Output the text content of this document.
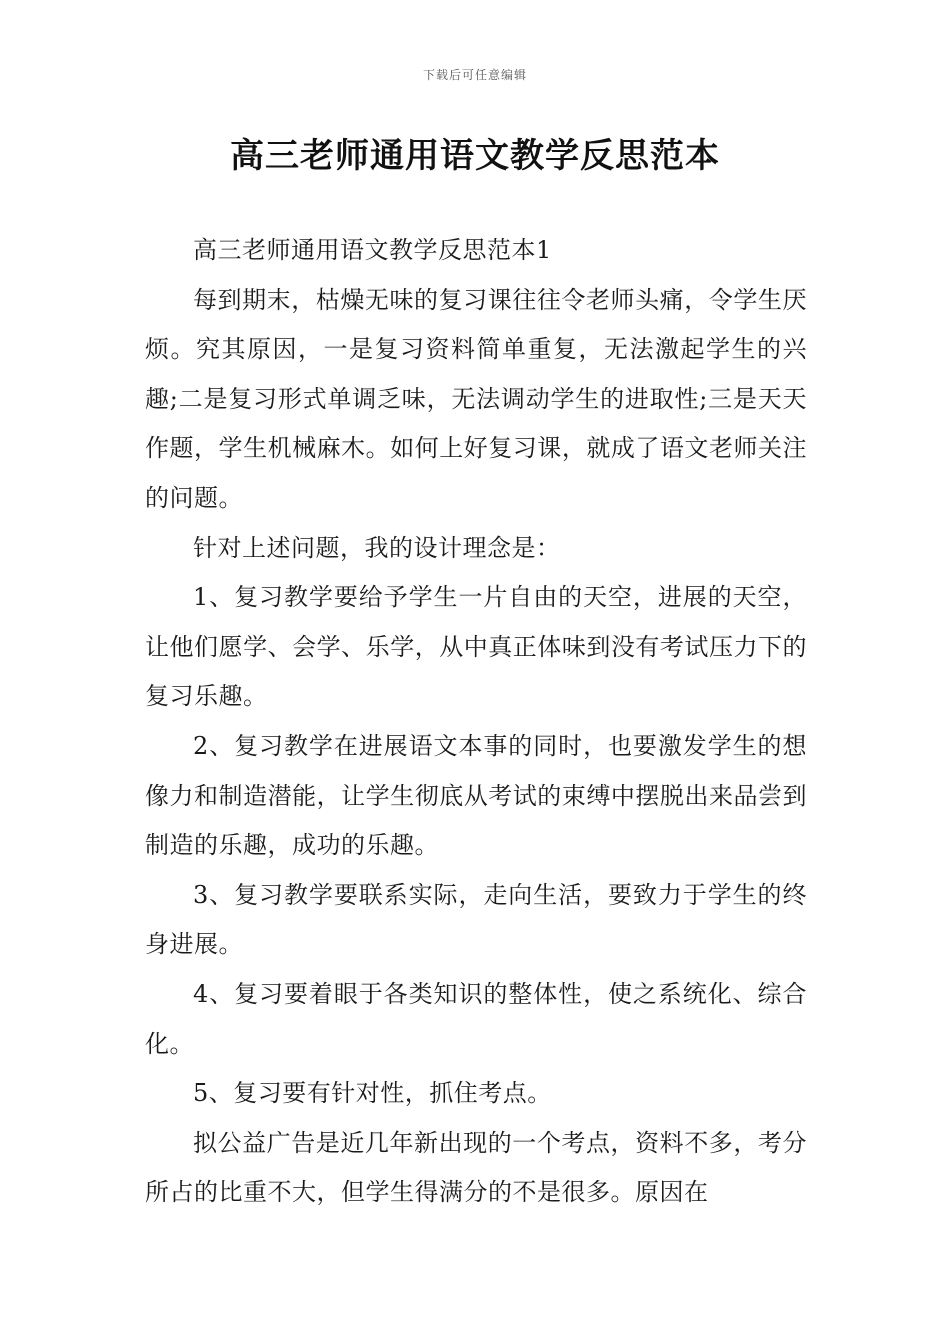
下载后可任意编辑
高三老师通用语文教学反思范本

高三老师通用语文教学反思范本1

每到期末，枯燥无味的复习课往往令老师头痛，令学生厌烦。究其原因，一是复习资料简单重复，无法激起学生的兴趣;二是复习形式单调乏味，无法调动学生的进取性;三是天天作题，学生机械麻木。如何上好复习课，就成了语文老师关注的问题。

针对上述问题，我的设计理念是：

1、复习教学要给予学生一片自由的天空，进展的天空，让他们愿学、会学、乐学，从中真正体味到没有考试压力下的复习乐趣。

2、复习教学在进展语文本事的同时，也要激发学生的想像力和制造潜能，让学生彻底从考试的束缚中摆脱出来品尝到制造的乐趣，成功的乐趣。

3、复习教学要联系实际，走向生活，要致力于学生的终身进展。

4、复习要着眼于各类知识的整体性，使之系统化、综合化。

5、复习要有针对性，抓住考点。

拟公益广告是近几年新出现的一个考点，资料不多，考分所占的比重不大，但学生得满分的不是很多。原因在
